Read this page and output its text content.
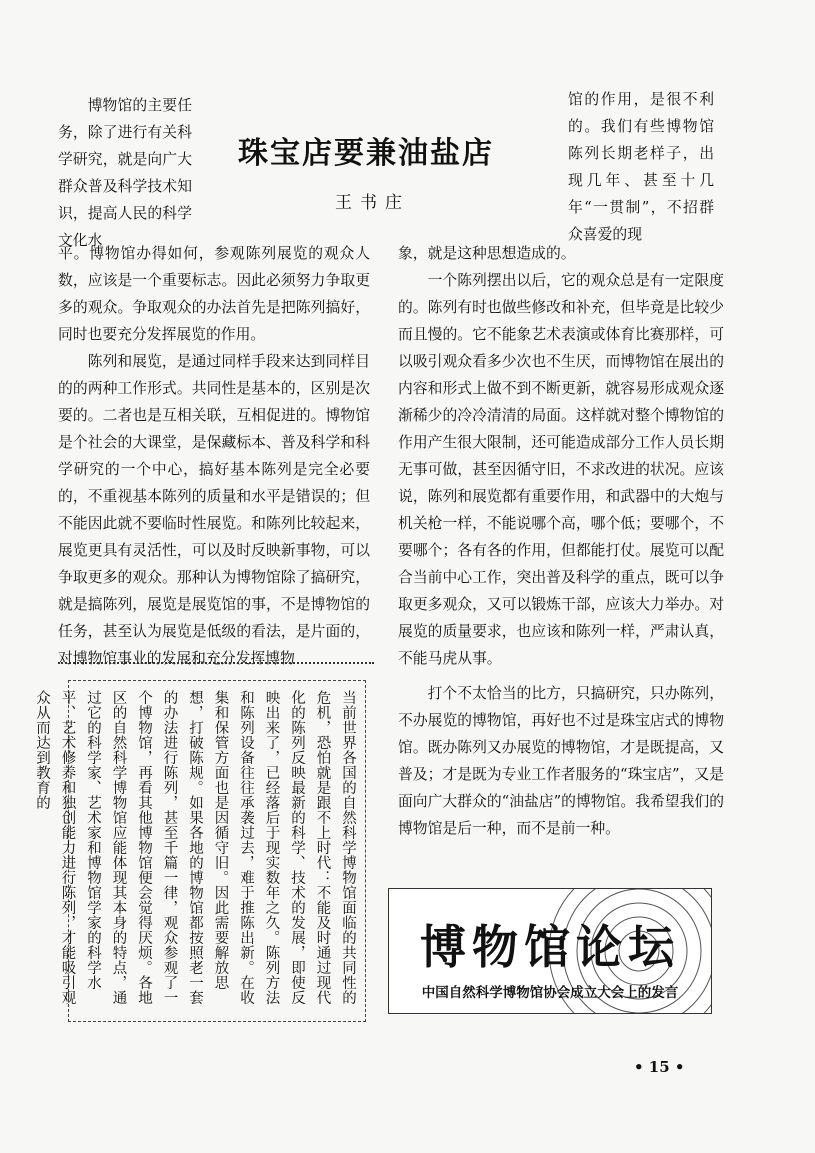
珠宝店要兼油盐店
王书庄

博物馆的主要任务，除了进行有关科学研究，就是向广大群众普及科学技术知识，提高人民的科学文化水

馆的作用，是很不利的。我们有些博物馆陈列长期老样子，出现几年、甚至十几年“一贯制”，不招群众喜爱的现

平。博物馆办得如何，参观陈列展览的观众人数，应该是一个重要标志。因此必须努力争取更多的观众。争取观众的办法首先是把陈列搞好，同时也要充分发挥展览的作用。

陈列和展览，是通过同样手段来达到同样目的的两种工作形式。共同性是基本的，区别是次要的。二者也是互相关联，互相促进的。博物馆是个社会的大课堂，是保藏标本、普及科学和科学研究的一个中心，搞好基本陈列是完全必要的，不重视基本陈列的质量和水平是错误的；但不能因此就不要临时性展览。和陈列比较起来，展览更具有灵活性，可以及时反映新事物，可以争取更多的观众。那种认为博物馆除了搞研究，就是搞陈列，展览是展览馆的事，不是博物馆的任务，甚至认为展览是低级的看法，是片面的，对博物馆事业的发展和充分发挥博物

象，就是这种思想造成的。

一个陈列摆出以后，它的观众总是有一定限度的。陈列有时也做些修改和补充，但毕竟是比较少而且慢的。它不能象艺术表演或体育比赛那样，可以吸引观众看多少次也不生厌，而博物馆在展出的内容和形式上做不到不断更新，就容易形成观众逐渐稀少的冷冷清清的局面。这样就对整个博物馆的作用产生很大限制，还可能造成部分工作人员长期无事可做，甚至因循守旧，不求改进的状况。应该说，陈列和展览都有重要作用，和武器中的大炮与机关枪一样，不能说哪个高，哪个低；要哪个，不要哪个；各有各的作用，但都能打仗。展览可以配合当前中心工作，突出普及科学的重点，既可以争取更多观众，又可以锻炼干部，应该大力举办。对展览的质量要求，也应该和陈列一样，严肃认真，不能马虎从事。

打个不太恰当的比方，只搞研究，只办陈列，不办展览的博物馆，再好也不过是珠宝店式的博物馆。既办陈列又办展览的博物馆，才是既提高，又普及；才是既为专业工作者服务的“珠宝店”，又是面向广大群众的“油盐店”的博物馆。我希望我们的博物馆是后一种，而不是前一种。

当前世界各国的自然科学博物馆面临的共同性的危机，恐怕就是跟不上时代：不能及时通过现代化的陈列反映最新的科学、技术的发展，即使反映出来了，已经落后于现实数年之久。陈列方法和陈列设备往往承袭过去，难于推陈出新。在收集和保管方面也是因循守旧。因此需要解放思想，打破陈规。如果各地的博物馆都按照老一套的办法进行陈列，甚至千篇一律，观众参观了一个博物馆，再看其他博物馆便会觉得厌烦。各地区的自然科学博物馆应能体现其本身的特点，通过它的科学家、艺术家和博物馆学家的科学水平、艺术修养和独创能力进行陈列，才能吸引观众从而达到教育的
博物馆论坛
中国自然科学博物馆协会成立大会上的发言
• 15 •
